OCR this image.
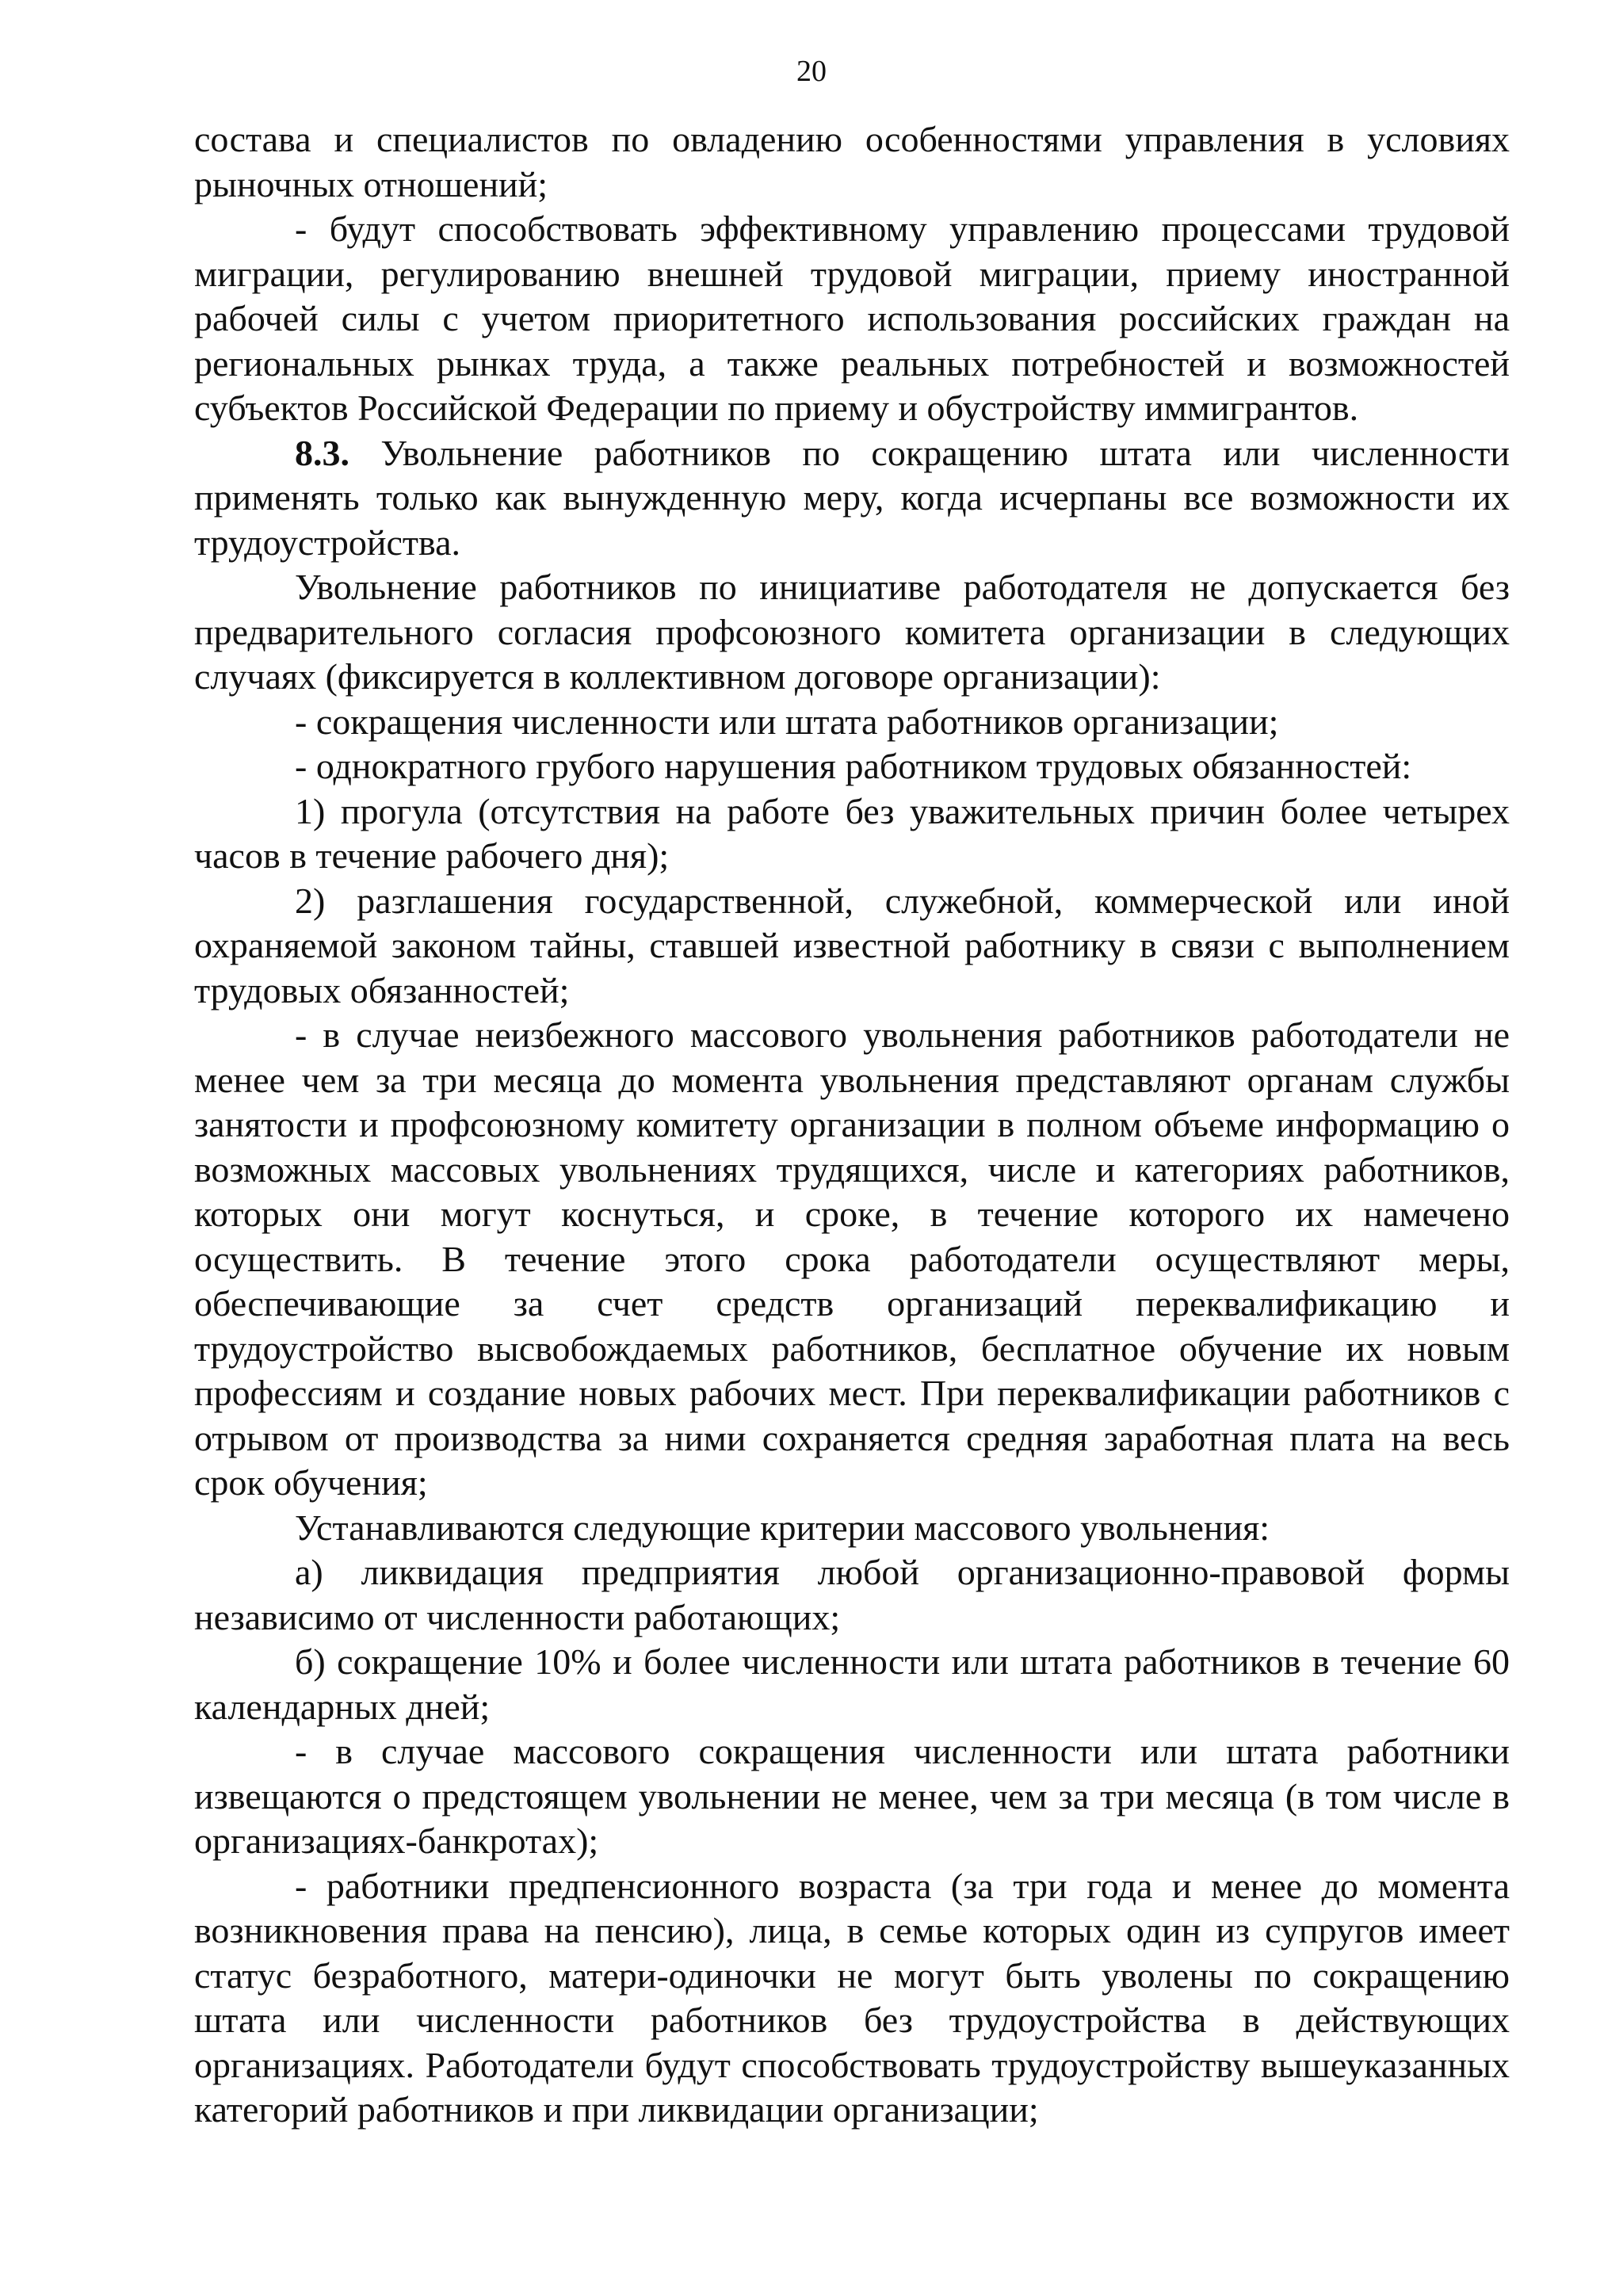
20

состава и специалистов по овладению особенностями управления в условиях рыночных отношений;

- будут способствовать эффективному управлению процессами трудовой миграции, регулированию внешней трудовой миграции, приему иностранной рабочей силы с учетом приоритетного использования российских граждан на региональных рынках труда, а также реальных потребностей и возможностей субъектов Российской Федерации по приему и обустройству иммигрантов.

8.3. Увольнение работников по сокращению штата или численности применять только как вынужденную меру, когда исчерпаны все возможности их трудоустройства.

Увольнение работников по инициативе работодателя не допускается без предварительного согласия профсоюзного комитета организации в следующих случаях (фиксируется в коллективном договоре организации):

- сокращения численности или штата работников организации;

- однократного грубого нарушения работником трудовых обязанностей:

1) прогула (отсутствия на работе без уважительных причин более четырех часов в течение рабочего дня);

2) разглашения государственной, служебной, коммерческой или иной охраняемой законом тайны, ставшей известной работнику в связи с выполнением трудовых обязанностей;

- в случае неизбежного массового увольнения работников работодатели не менее чем за три месяца до момента увольнения представляют органам службы занятости и профсоюзному комитету организации в полном объеме информацию о возможных массовых увольнениях трудящихся, числе и категориях работников, которых они могут коснуться, и сроке, в течение которого их намечено осуществить. В течение этого срока работодатели осуществляют меры, обеспечивающие за счет средств организаций переквалификацию и трудоустройство высвобождаемых работников, бесплатное обучение их новым профессиям и создание новых рабочих мест. При переквалификации работников с отрывом от производства за ними сохраняется средняя заработная плата на весь срок обучения;

Устанавливаются следующие критерии массового увольнения:

а) ликвидация предприятия любой организационно-правовой формы независимо от численности работающих;

б) сокращение 10% и более численности или штата работников в течение 60 календарных дней;

- в случае массового сокращения численности или штата работники извещаются о предстоящем увольнении не менее, чем за три месяца (в том числе в организациях-банкротах);

- работники предпенсионного возраста (за три года и менее до момента возникновения права на пенсию), лица, в семье которых один из супругов имеет статус безработного, матери-одиночки не могут быть уволены по сокращению штата или численности работников без трудоустройства в действующих организациях. Работодатели будут способствовать трудоустройству вышеуказанных категорий работников и при ликвидации организации;
